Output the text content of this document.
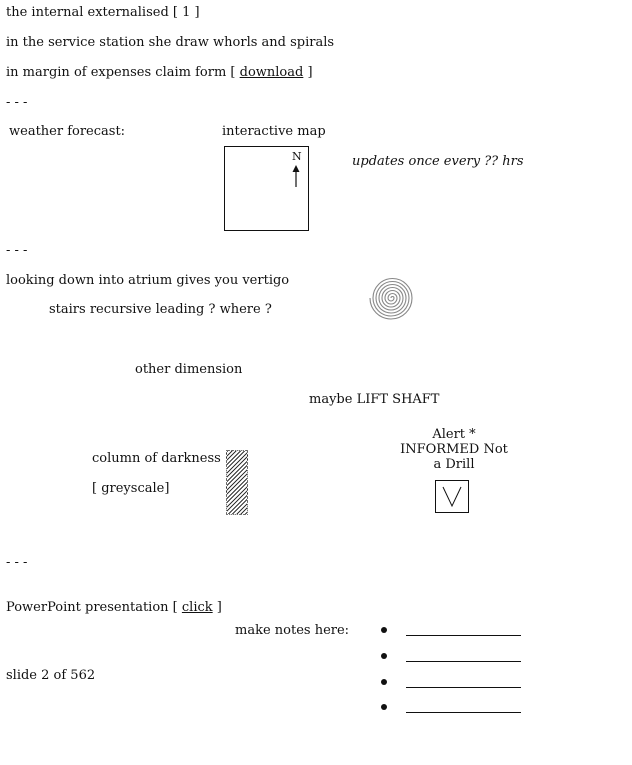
the internal externalised [ 1 ]
in the service station she draw whorls and spirals
in margin of expenses claim form [ download ]
- - -
weather forecast:	interactive map
N	updates once every ?? hrs
- - -
looking down into atrium gives you vertigo
stairs recursive leading ? where ?
other dimension
maybe LIFT SHAFT
column of darkness
[ greyscale]
Alert * INFORMED Not a Drill
- - -
PowerPoint presentation [ click ]
make notes here:
slide 2 of 562
